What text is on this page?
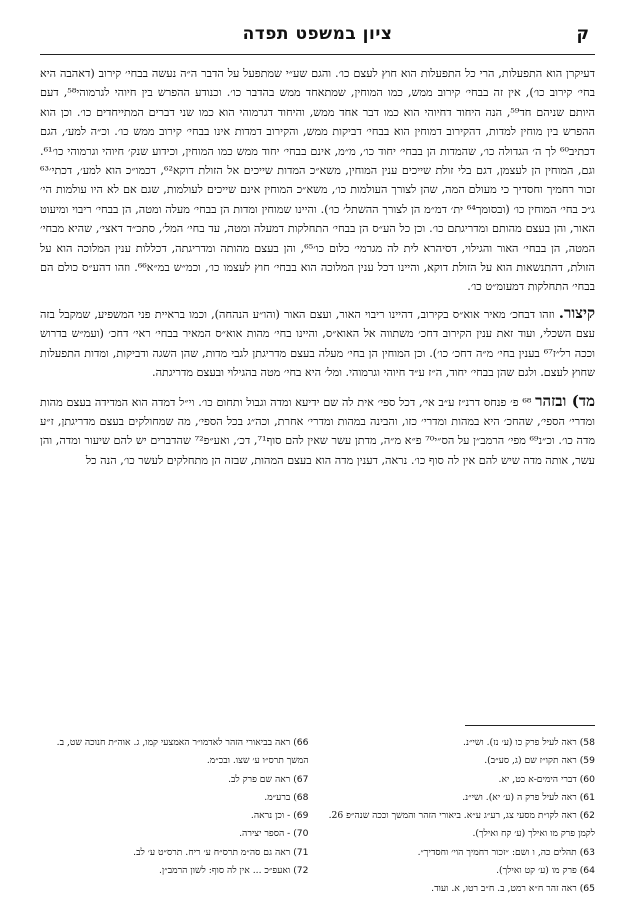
ציון במשפט תפדה	ק

דעיקרן הוא התפעלות, הרי כל התפעלות הוא חוץ לעצם כו׳. והגם שע״י שמתפעל על הדבר ה״ה נעשה בבחי׳ קירוב (דאהבה היא בחי׳ קירוב כו׳), אין זה בבחי׳ קירוב ממש, כמו המוחין, שמתאחד ממש בהדבר כו׳. וכנודע ההפרש בין חיוהי לגרמוהי⁵⁸, דעם היותם שניהם חד⁵⁹, הנה היחוד דחיוהי הוא כמו דבר אחד ממש, והיחוד דגרמוהי הוא כמו שני דברים המתייחדים כו׳. וכן הוא ההפרש בין מוחין למדות, דהקירוב דמוחין הוא בבחי׳ דביקות ממש, והקירוב דמדות אינו בבחי׳ קירוב ממש כו׳. וכ״ה למע׳, הגם דכתיב⁶⁰ לך ה׳ הגדולה כו׳, שהמדות הן בבחי׳ יחוד כו׳, מ״מ, אינם בבחי׳ יחוד ממש כמו המוחין, וכידוע שנק׳ חיוהי וגרמוהי כו׳⁶¹. וגם, המוחין הן לעצמן, דגם בלי זולת שייכים ענין המוחין, משא״כ המדות שייכים אל הזולת דוקא⁶², דכמו״כ הוא למע׳, דכתי׳⁶³ זכור רחמיך וחסדיך כי מעולם המה, שהן לצורך העולמות כו׳, משא״כ המוחין אינם שייכים לעולמות, שגם אם לא היו עולמות הי׳ ג״כ בחי׳ המוחין כו׳ (ובסומך⁶⁴ ית׳ דמ״מ הן לצורך ההשתל׳ כו׳). והיינו שמוחין ומדות הן בבחי׳ מעלה ומטה, הן בבחי׳ ריבוי ומיעוט האור, והן בעצם מהותם ומדריגתם כו׳. וכן כל הע״ס הן בבחי׳ התחלקות דמעלה ומטה, עד בחי׳ המל׳, סתכ״ד דאצי׳, שהיא מבחי׳ המטה, הן בבחי׳ האור והגילוי, דסיהרא לית לה מגרמי׳ כלום כו׳⁶⁵, והן בעצם מהותה ומדריגתה, דכללות ענין המלוכה הוא על הזולת, דהתנשאות הוא על הזולת דוקא, והיינו דכל ענין המלוכה הוא בבחי׳ חוץ לעצמו כו׳, וכמ״ש במ״א⁶⁶. וזהו דהע״ס כולם הם בבחי׳ התחלקות דמעומ״ט כו׳.

קיצור. וזהו דבחכ׳ מאיר אוא״ס בקירוב, דהיינו ריבוי האור, ועצם האור (והו״ע הנהחה), וכמו בראיית פני המשפיע, שמקבל בזה עצם השכלי, ועוד זאת ענין הקירוב דחכ׳ משתווה אל האוא״ס, והיינו בחי׳ מהות אוא״ס המאיר בבחי׳ ראי׳ דחכ׳ (ועמ״ש בדרוש וככה רל״ז⁶⁷ בענין בחי׳ מ״ה דחכ׳ כו׳). וכן המוחין הן בחי׳ מעלה בעצם מדריגתן לגבי מדות, שהן השגה ודביקות, ומדות התפעלות שחוץ לעצם. ולגם שהן בבחי׳ יחוד, ה״ז ע״ד חיוהי וגרמוהי. ומל׳ היא בחי׳ מטה בהגילוי ובעצם מדריגתה.

מד) ובזהר ⁶⁸ פ׳ פנחס דרנ״ז ע״ב אי׳, דכל ספי׳ אית לה שם ידיעא ומדה וגבול ותחום כו׳. וי״ל דמדה הוא המדידה בעצם מהות ומדרי׳ הספי׳, שהחכ׳ היא במהות ומדרי׳ כזו, והבינה במהות ומדרי׳ אחרת, וכה״ג בכל הספי׳, מה שמחולקים בעצם מדריגתן, ז״ע מדה כו׳. וכ״נ⁶⁹ מפי׳ הרמב״ן על הס״י⁷⁰ פ״א מ״ה, מדתן עשר שאין להם סוף⁷¹, דכ׳, ואע״פ⁷² שהדברים יש להם שיעור ומדה, והן עשר, אותה מדה שיש להם אין לה סוף כו׳. נראה, דענין מדה הוא בעצם המהות, שבזה הן מתחלקים לעשר כו׳, הנה כל

58) ראה לעיל פרק כו (ע׳ נז). ושי״נ.
59) ראה תקו״ז שם (ג, סע״ב).
60) דברי הימים-א כט, יא.
61) ראה לעיל פרק ה (ע׳ יא). ושי״נ.
62) ראה לקו״ת מסעי צג, רע״ג ע״א. ביאורי הזהר והמשך וככה שנה״פ 26. לקמן פרק מו ואילך (ע׳ קח ואילך).
63) תהלים כה, ו ושם: ״זכור רחמיך הוי׳ וחסדיך״.
64) פרק מו (ע׳ קט ואילך).
65) ראה זהר ח״א רמט, ב. ח״ב רטו, א. ועוד.
66) ראה בביאורי הזהר לאדמו״ר האמצעי קמו, ג. אוה״ת חנוכה שט, ב. המשך תרס״ו ע׳ שצו. ובכ״מ.
67) ראה שם פרק לב.
68) ברע״מ.
69) - וכן נראה.
70) - הספר יצירה.
71) ראה גם סה״מ תרס״ח ע׳ ריח. תרס״ט ע׳ לב.
72) ואעפ״כ ... אין לה סוף: לשון הרמב״ן.
